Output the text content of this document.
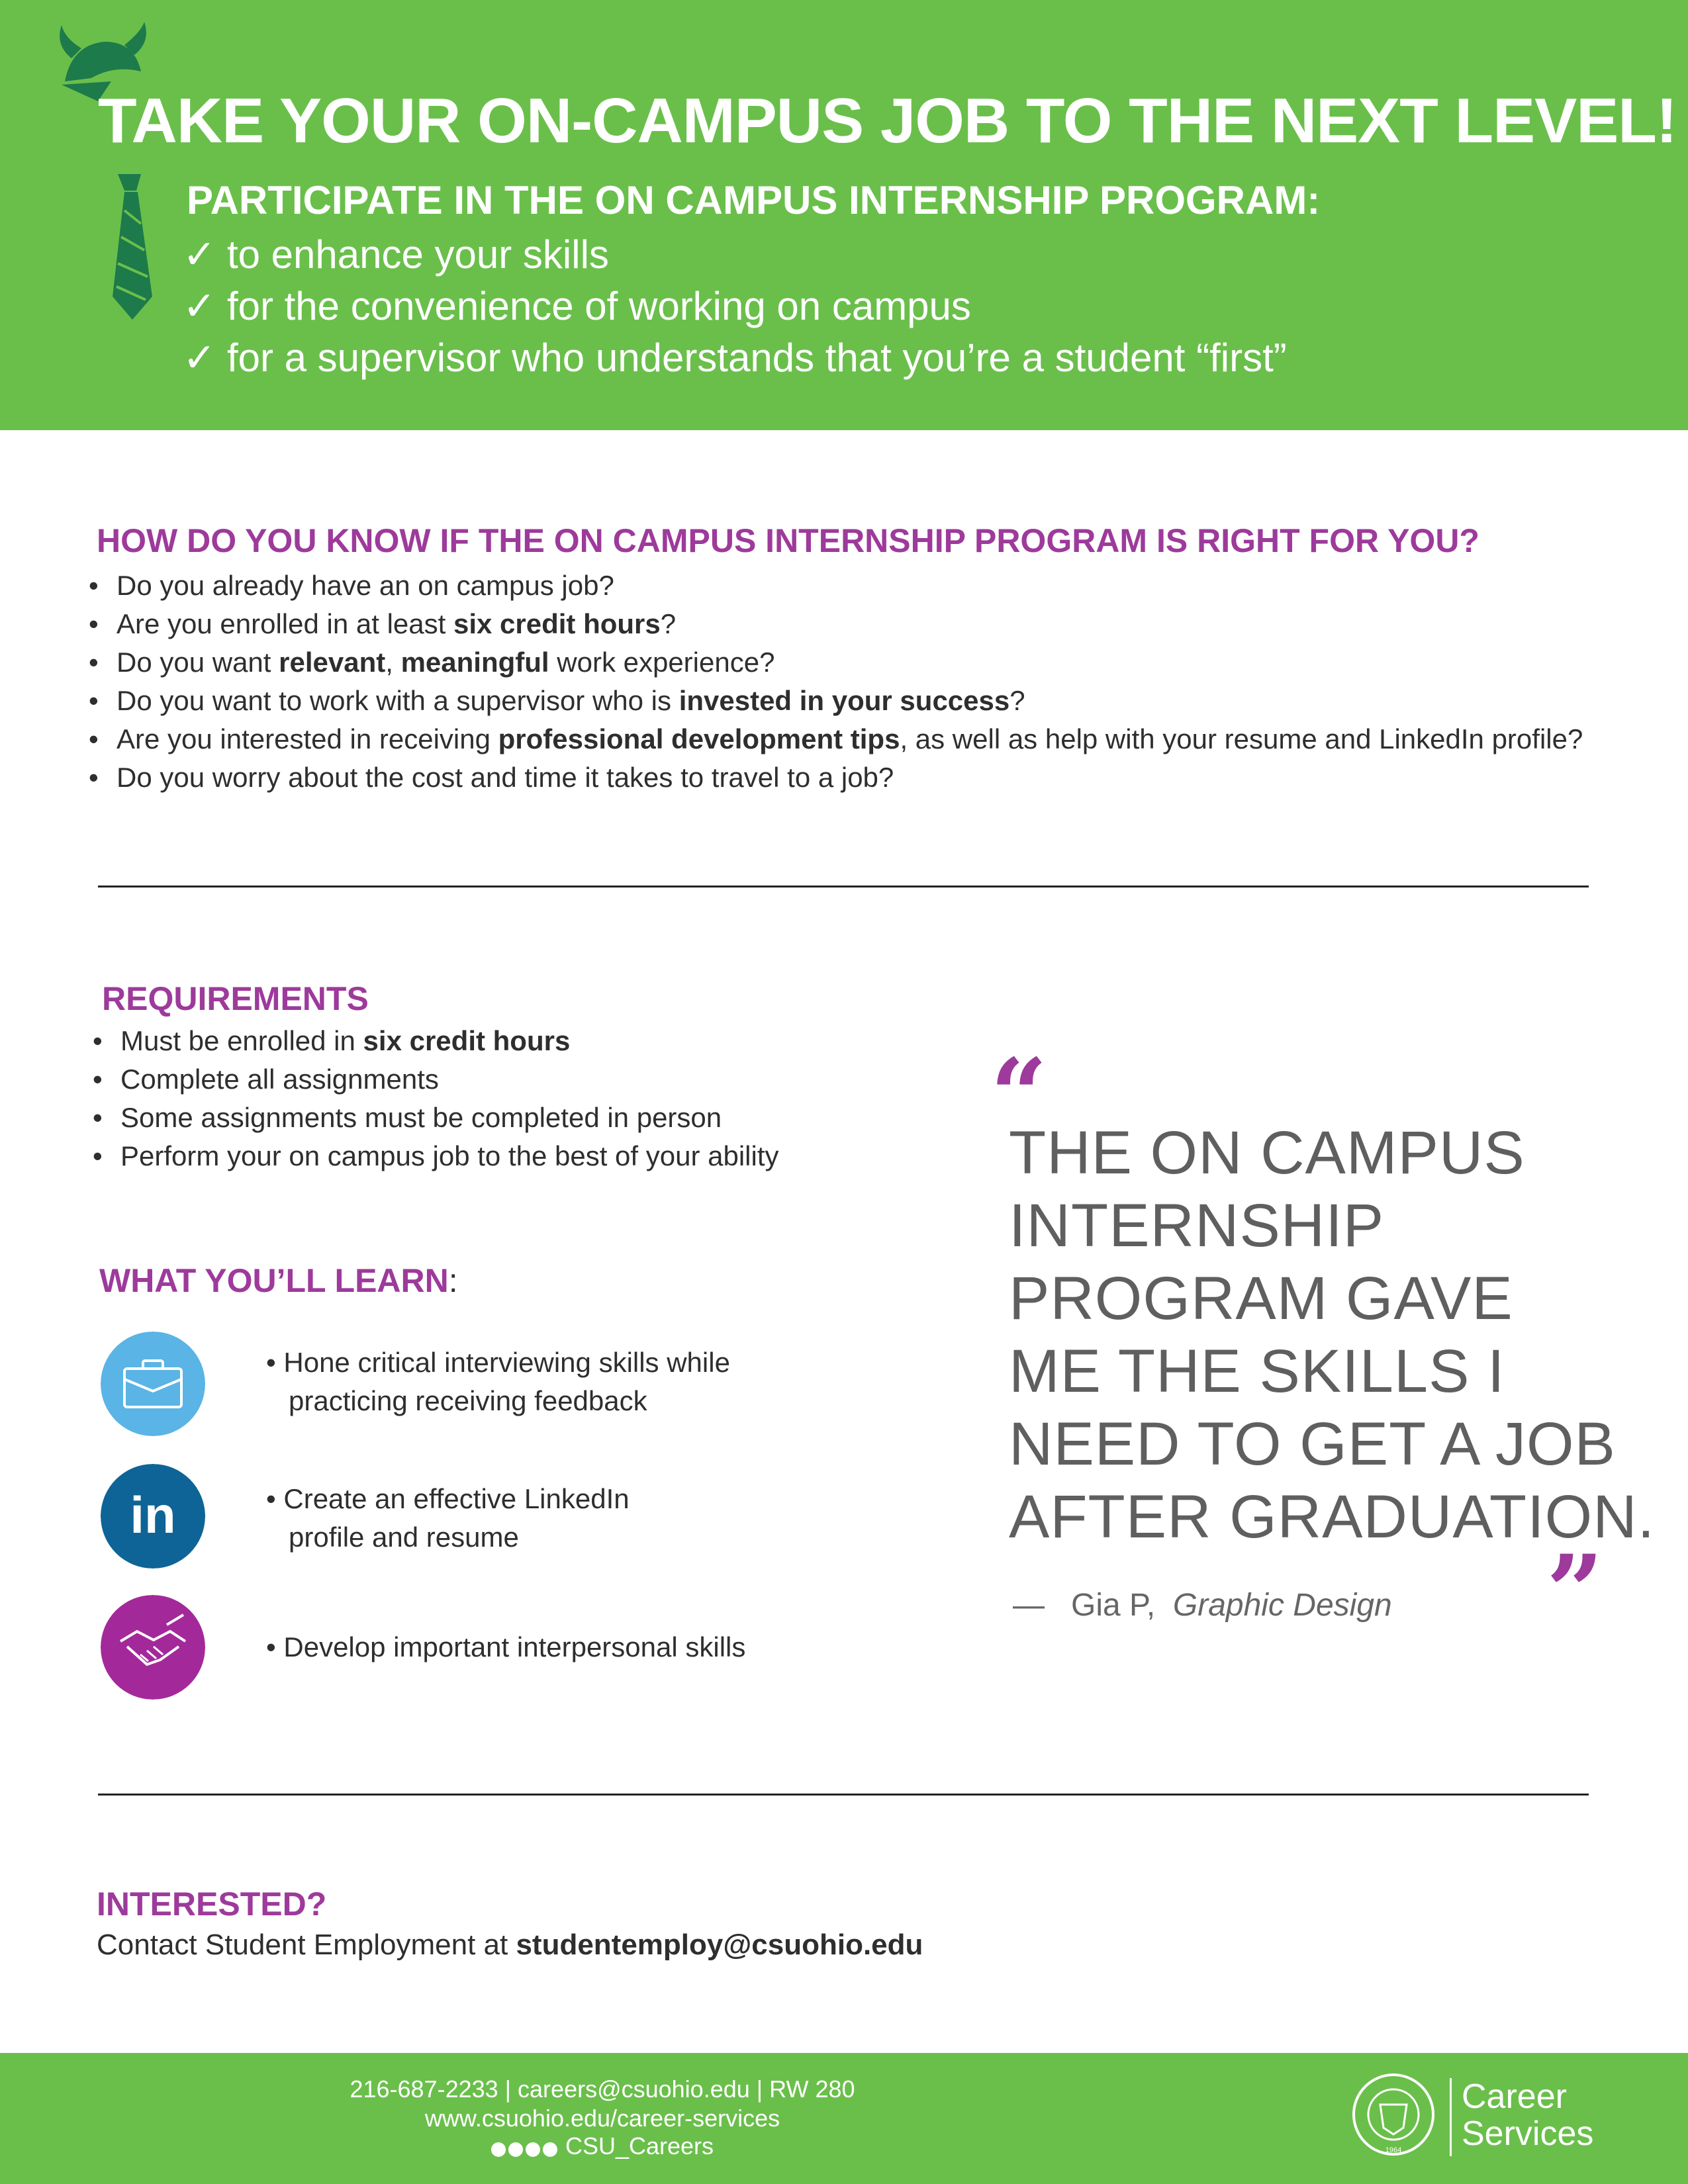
TAKE YOUR ON-CAMPUS JOB TO THE NEXT LEVEL!
PARTICIPATE IN THE ON CAMPUS INTERNSHIP PROGRAM:
✓ to enhance your skills
✓ for the convenience of working on campus
✓ for a supervisor who understands that you’re a student “first”
HOW DO YOU KNOW IF THE ON CAMPUS INTERNSHIP PROGRAM IS RIGHT FOR YOU?
• Do you already have an on campus job?
• Are you enrolled in at least six credit hours?
• Do you want relevant, meaningful work experience?
• Do you want to work with a supervisor who is invested in your success?
• Are you interested in receiving professional development tips, as well as help with your resume and LinkedIn profile?
• Do you worry about the cost and time it takes to travel to a job?
REQUIREMENTS
• Must be enrolled in six credit hours
• Complete all assignments
• Some assignments must be completed in person
• Perform your on campus job to the best of your ability
WHAT YOU’LL LEARN:
• Hone critical interviewing skills while
practicing receiving feedback
in	• Create an effective LinkedIn
profile and resume
• Develop important interpersonal skills
“
THE ON CAMPUS
INTERNSHIP
PROGRAM GAVE
ME THE SKILLS I
NEED TO GET A JOB
AFTER GRADUATION.
”
— Gia P, Graphic Design
INTERESTED?
Contact Student Employment at studentemploy@csuohio.edu
216-687-2233 | careers@csuohio.edu | RW 280
www.csuohio.edu/career-services
CSU_Careers	1964
Career
Services
